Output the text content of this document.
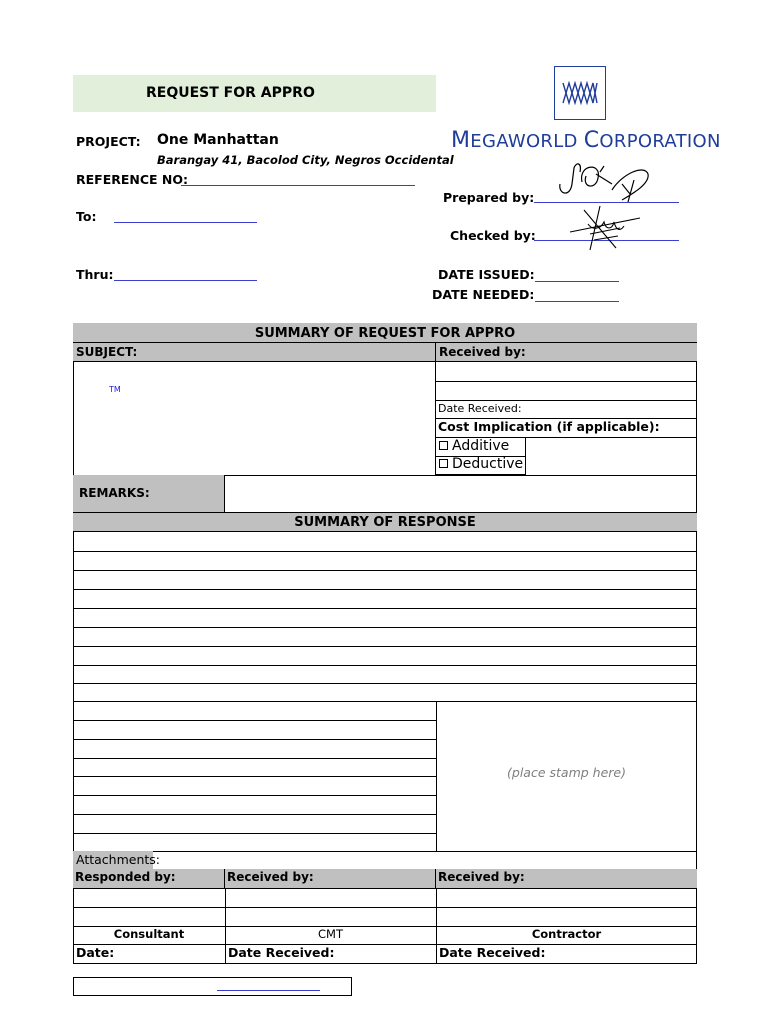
REQUEST FOR APPRO
PROJECT: One Manhattan
Barangay 41, Bacolod City, Negros Occidental
REFERENCE NO:
To:
Thru:
MEGAWORLD CORPORATION
Prepared by:
Checked by:
DATE ISSUED:
DATE NEEDED:
SUMMARY OF REQUEST FOR APPRO
SUBJECT:	Received by:
TM
Date Received:
Cost Implication (if applicable):
Additive
Deductive
REMARKS:
SUMMARY OF RESPONSE
(place stamp here)
Attachments:
Responded by:	Received by:	Received by:
Consultant	CMT	Contractor
Date:	Date Received:	Date Received:
